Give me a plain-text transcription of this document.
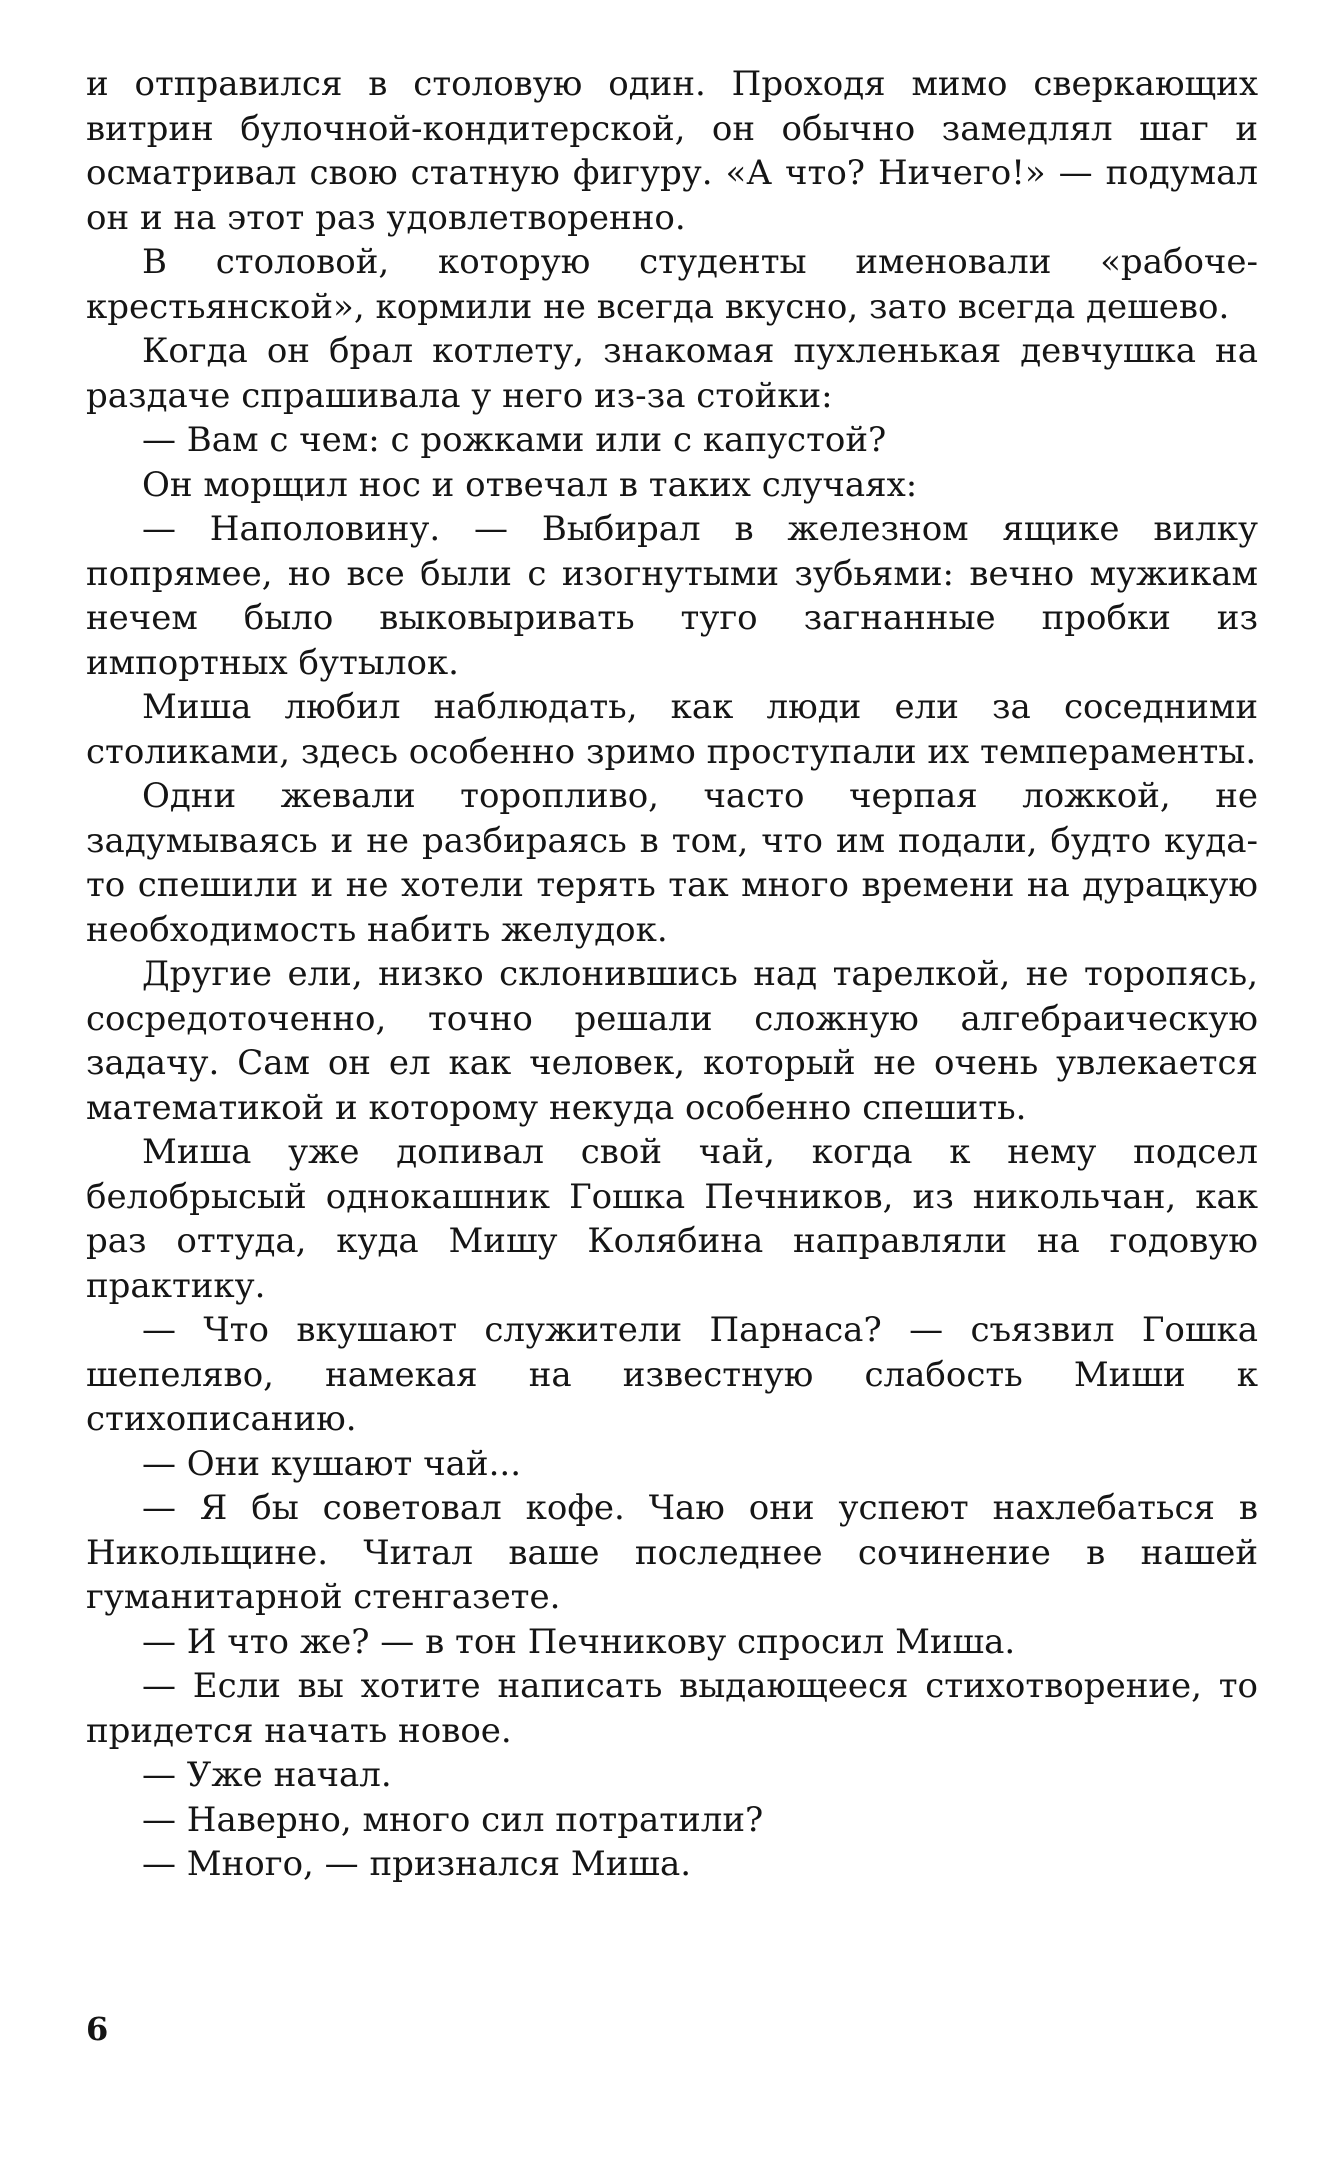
и отправился в столовую один. Проходя мимо сверкающих витрин булочной-кондитерской, он обычно замедлял шаг и осматривал свою статную фигуру. «А что? Ничего!» — подумал он и на этот раз удовлетворенно.

В столовой, которую студенты именовали «рабоче-крестьянской», кормили не всегда вкусно, зато всегда дешево.

Когда он брал котлету, знакомая пухленькая девчушка на раздаче спрашивала у него из-за стойки:

— Вам с чем: с рожками или с капустой?

Он морщил нос и отвечал в таких случаях:

— Наполовину. — Выбирал в железном ящике вилку попрямее, но все были с изогнутыми зубьями: вечно мужикам нечем было выковыривать туго загнанные пробки из импортных бутылок.

Миша любил наблюдать, как люди ели за соседними столиками, здесь особенно зримо проступали их темпераменты.

Одни жевали торопливо, часто черпая ложкой, не задумываясь и не разбираясь в том, что им подали, будто куда-то спешили и не хотели терять так много времени на дурацкую необходимость набить желудок.

Другие ели, низко склонившись над тарелкой, не торопясь, сосредоточенно, точно решали сложную алгебраическую задачу. Сам он ел как человек, который не очень увлекается математикой и которому некуда особенно спешить.

Миша уже допивал свой чай, когда к нему подсел белобрысый однокашник Гошка Печников, из никольчан, как раз оттуда, куда Мишу Колябина направляли на годовую практику.

— Что вкушают служители Парнаса? — съязвил Гошка шепеляво, намекая на известную слабость Миши к стихописанию.

— Они кушают чай...

— Я бы советовал кофе. Чаю они успеют нахлебаться в Никольщине. Читал ваше последнее сочинение в нашей гуманитарной стенгазете.

— И что же? — в тон Печникову спросил Миша.

— Если вы хотите написать выдающееся стихотворение, то придется начать новое.

— Уже начал.

— Наверно, много сил потратили?

— Много, — признался Миша.

6
